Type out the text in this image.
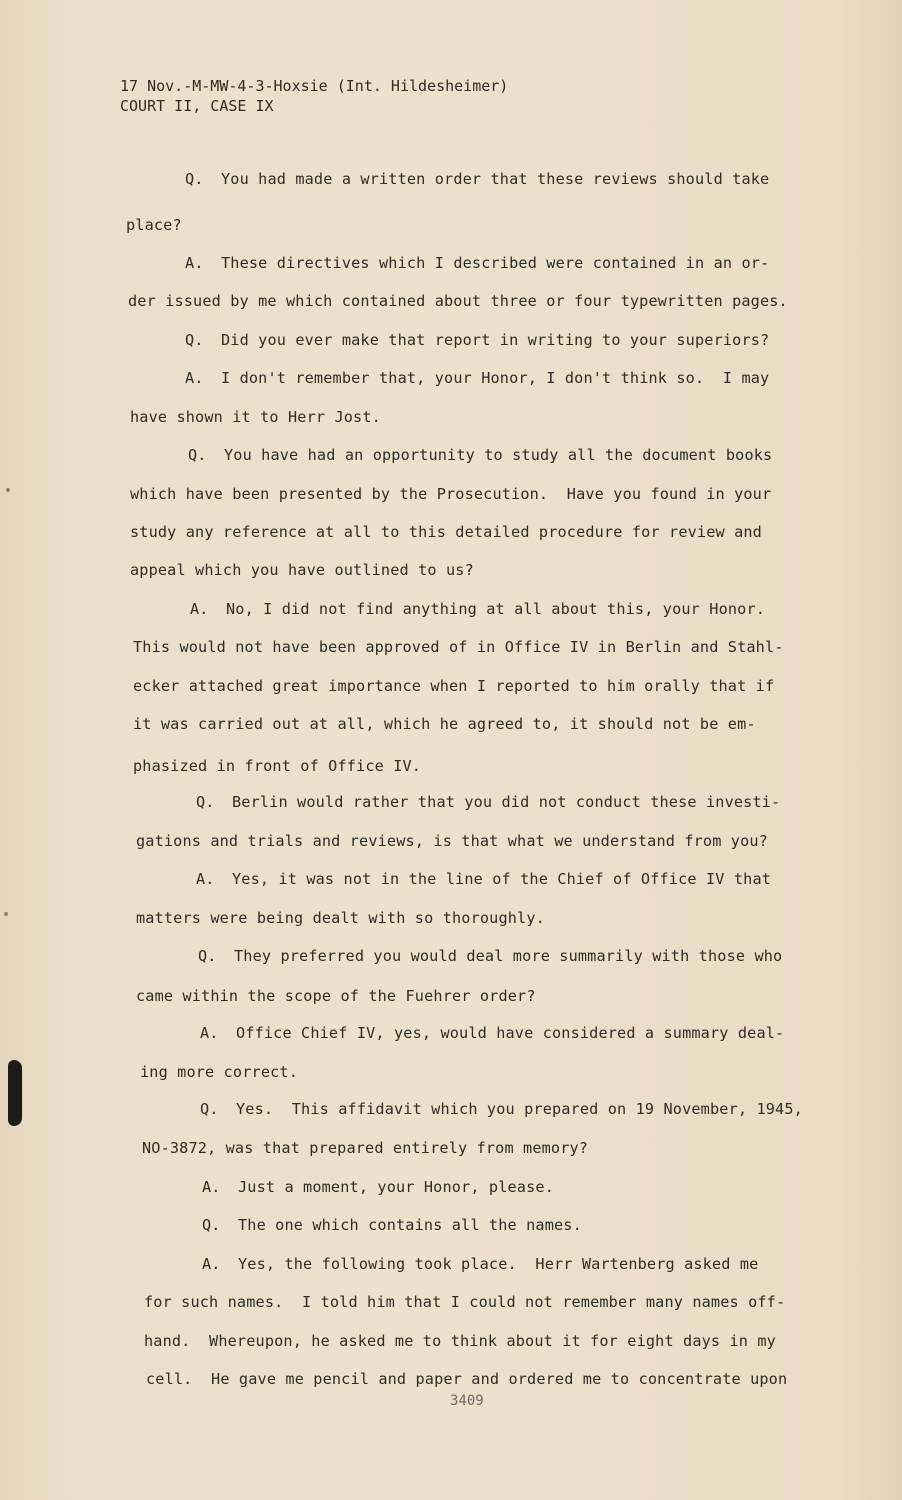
17 Nov.-M-MW-4-3-Hoxsie (Int. Hildesheimer)
COURT II, CASE IX
Q. You had made a written order that these reviews should take
place?
A. These directives which I described were contained in an or-
der issued by me which contained about three or four typewritten pages.
Q. Did you ever make that report in writing to your superiors?
A. I don't remember that, your Honor, I don't think so.  I may
have shown it to Herr Jost.
Q. You have had an opportunity to study all the document books
which have been presented by the Prosecution.  Have you found in your
study any reference at all to this detailed procedure for review and
appeal which you have outlined to us?
A. No, I did not find anything at all about this, your Honor.
This would not have been approved of in Office IV in Berlin and Stahl-
ecker attached great importance when I reported to him orally that if
it was carried out at all, which he agreed to, it should not be em-
phasized in front of Office IV.
Q. Berlin would rather that you did not conduct these investi-
gations and trials and reviews, is that what we understand from you?
A. Yes, it was not in the line of the Chief of Office IV that
matters were being dealt with so thoroughly.
Q. They preferred you would deal more summarily with those who
came within the scope of the Fuehrer order?
A. Office Chief IV, yes, would have considered a summary deal-
ing more correct.
Q. Yes.  This affidavit which you prepared on 19 November, 1945,
NO-3872, was that prepared entirely from memory?
A. Just a moment, your Honor, please.
Q. The one which contains all the names.
A. Yes, the following took place.  Herr Wartenberg asked me
for such names.  I told him that I could not remember many names off-
hand.  Whereupon, he asked me to think about it for eight days in my
cell.  He gave me pencil and paper and ordered me to concentrate upon
3409
